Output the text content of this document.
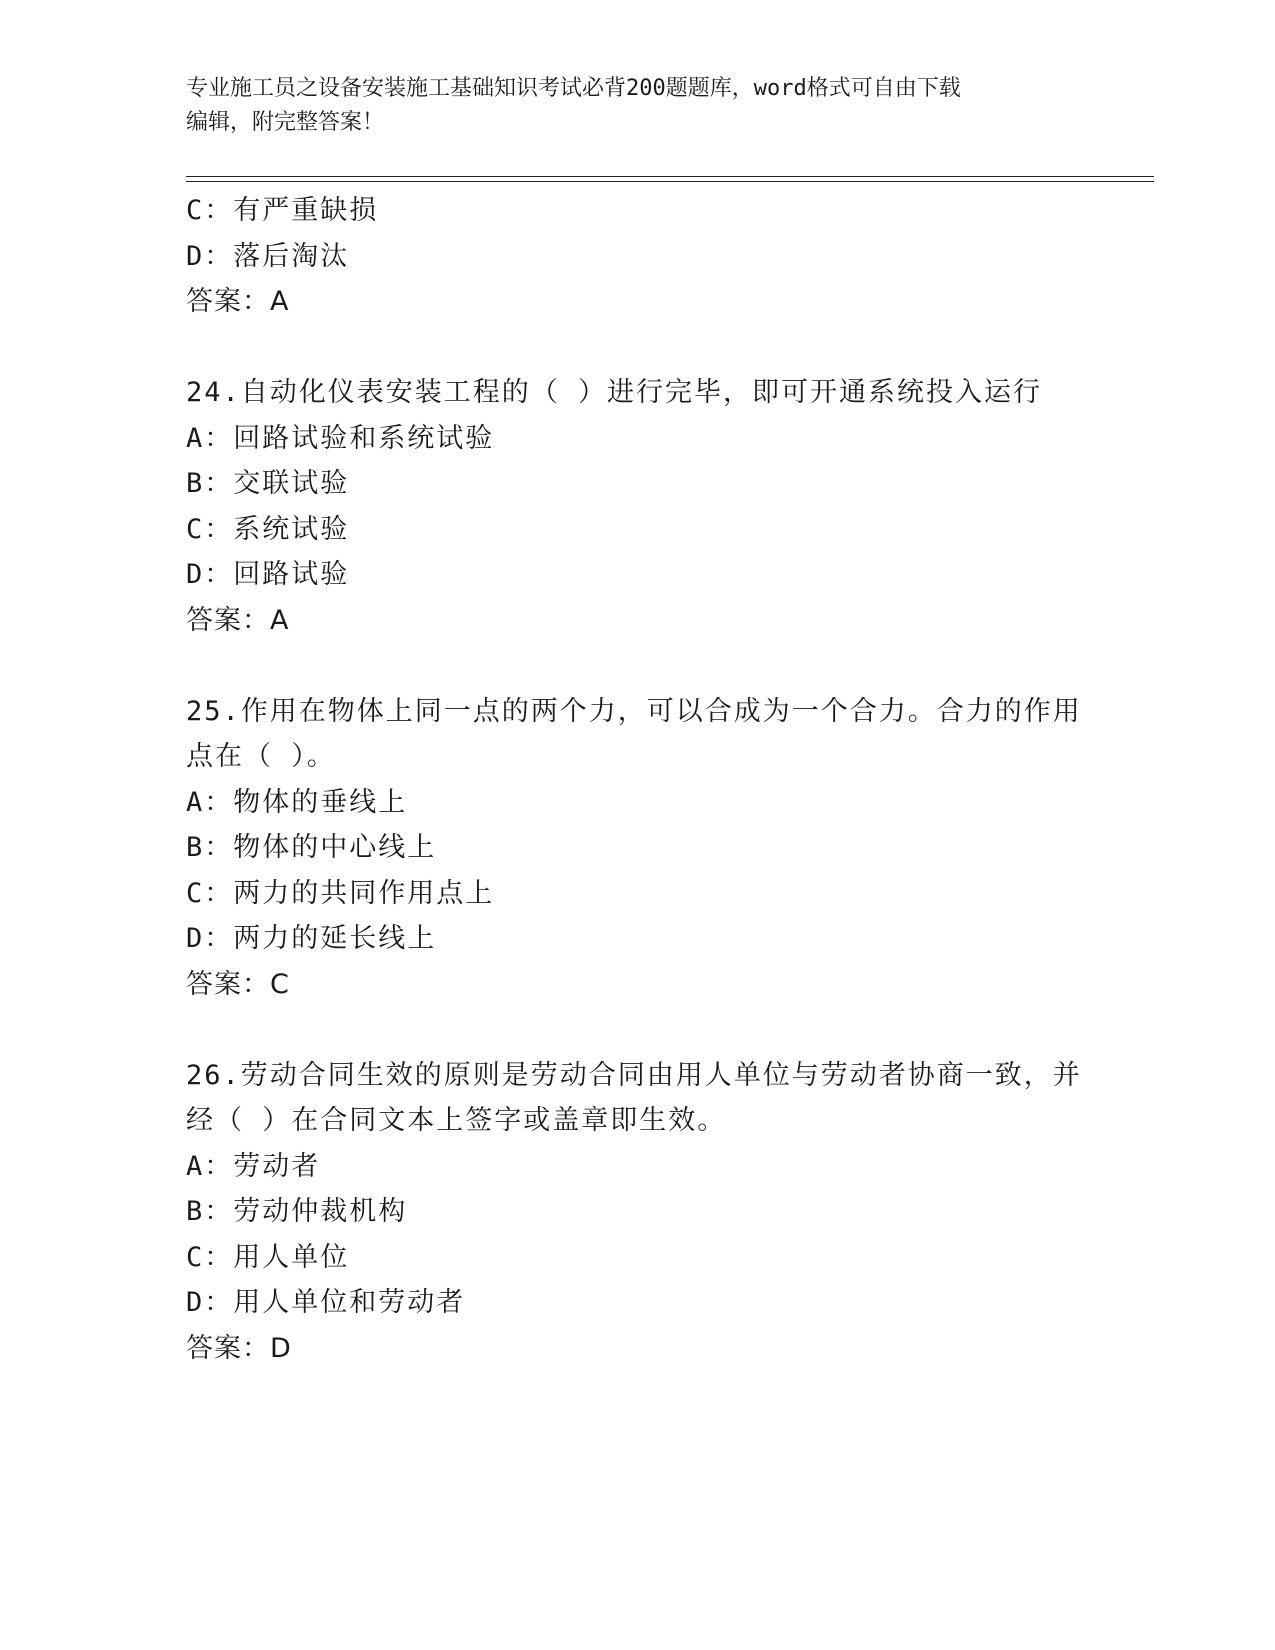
专业施工员之设备安装施工基础知识考试必背200题题库，word格式可自由下载
编辑，附完整答案！
C：有严重缺损
D：落后淘汰
答案：A
24.自动化仪表安装工程的（ ）进行完毕，即可开通系统投入运行
A：回路试验和系统试验
B：交联试验
C：系统试验
D：回路试验
答案：A
25.作用在物体上同一点的两个力，可以合成为一个合力。合力的作用
点在（ ）。
A：物体的垂线上
B：物体的中心线上
C：两力的共同作用点上
D：两力的延长线上
答案：C
26.劳动合同生效的原则是劳动合同由用人单位与劳动者协商一致，并
经（ ）在合同文本上签字或盖章即生效。
A：劳动者
B：劳动仲裁机构
C：用人单位
D：用人单位和劳动者
答案：D
